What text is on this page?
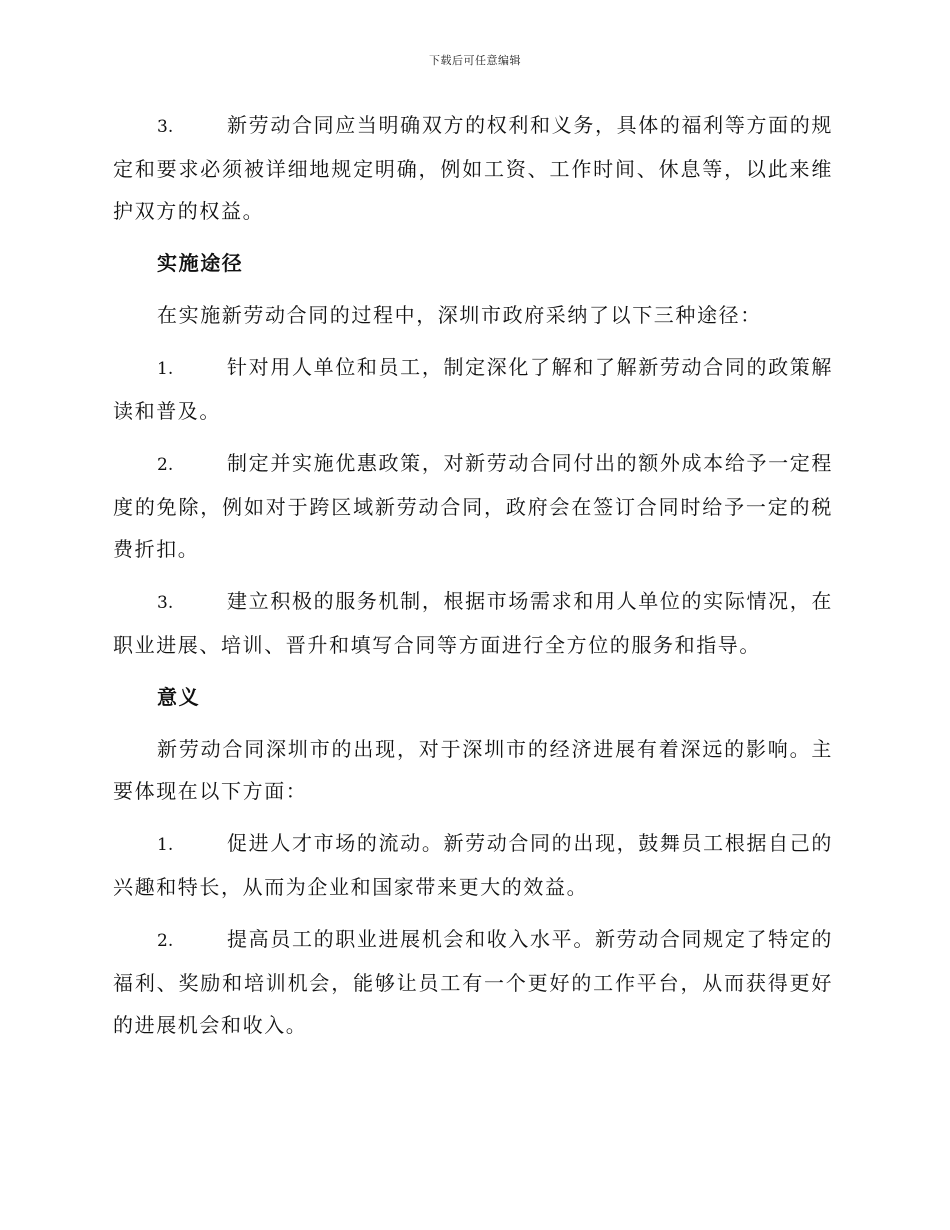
下载后可任意编辑

3.	新劳动合同应当明确双方的权利和义务，具体的福利等方面的规定和要求必须被详细地规定明确，例如工资、工作时间、休息等，以此来维护双方的权益。

实施途径

在实施新劳动合同的过程中，深圳市政府采纳了以下三种途径：

1.	针对用人单位和员工，制定深化了解和了解新劳动合同的政策解读和普及。

2.	制定并实施优惠政策，对新劳动合同付出的额外成本给予一定程度的免除，例如对于跨区域新劳动合同，政府会在签订合同时给予一定的税费折扣。

3.	建立积极的服务机制，根据市场需求和用人单位的实际情况，在职业进展、培训、晋升和填写合同等方面进行全方位的服务和指导。

意义

新劳动合同深圳市的出现，对于深圳市的经济进展有着深远的影响。主要体现在以下方面：

1.	促进人才市场的流动。新劳动合同的出现，鼓舞员工根据自己的兴趣和特长，从而为企业和国家带来更大的效益。

2.	提高员工的职业进展机会和收入水平。新劳动合同规定了特定的福利、奖励和培训机会，能够让员工有一个更好的工作平台，从而获得更好的进展机会和收入。
